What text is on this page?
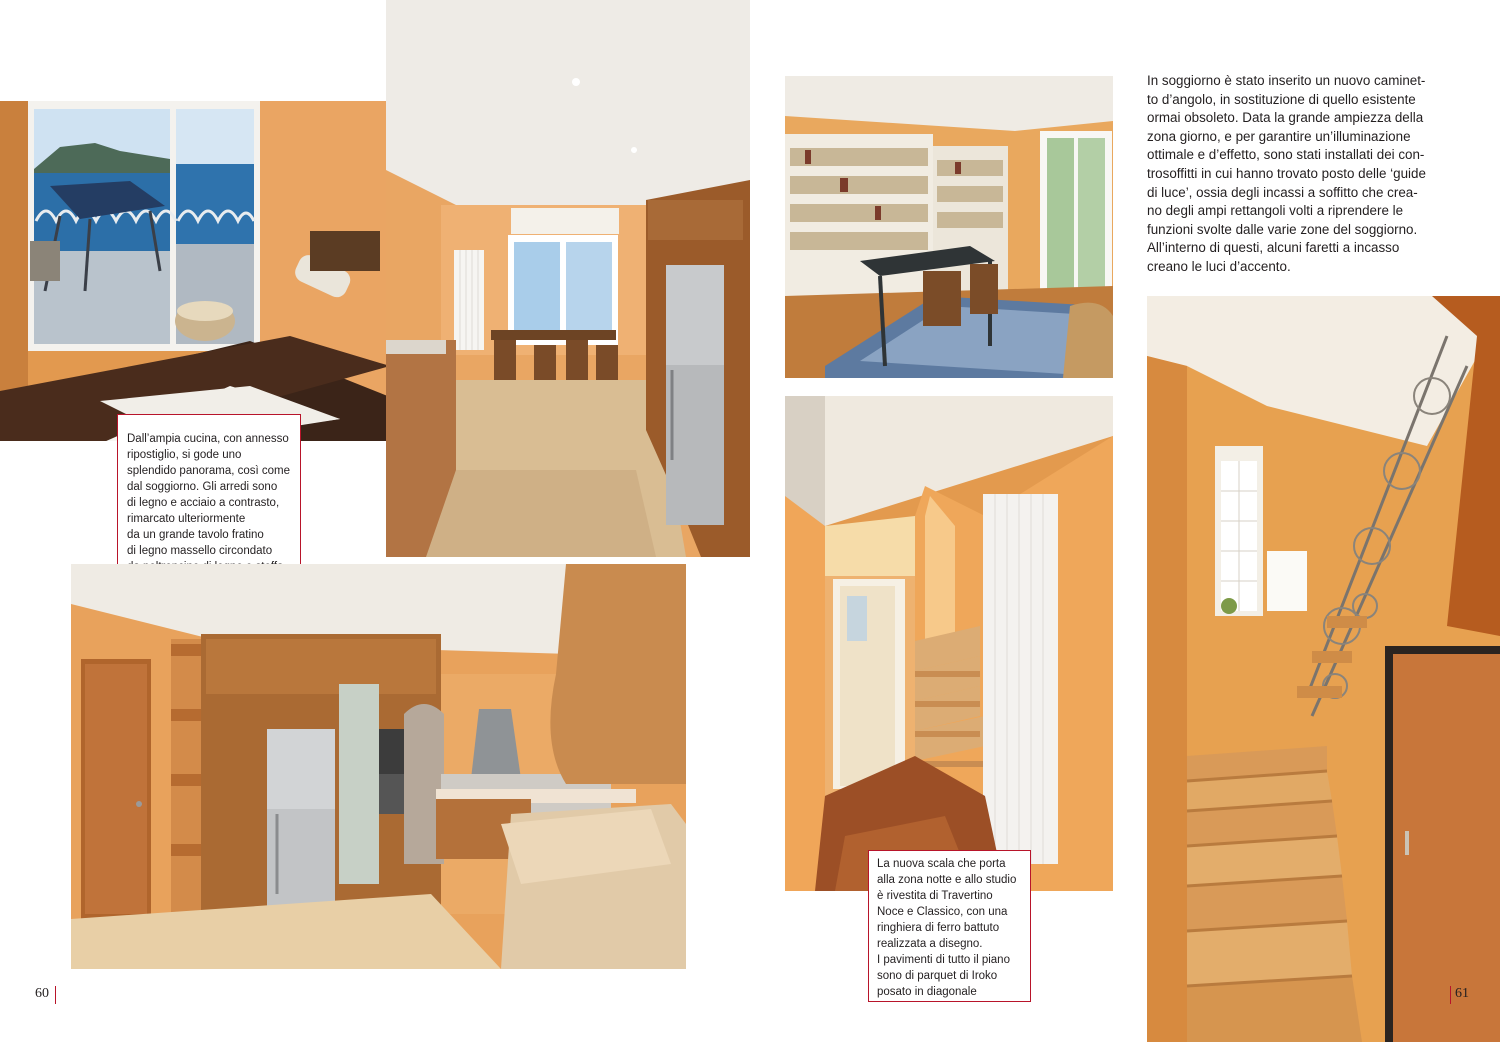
Dall’ampia cucina, con annesso
ripostiglio, si gode uno
splendido panorama, così come
dal soggiorno. Gli arredi sono
di legno e acciaio a contrasto,
rimarcato ulteriormente
da un grande tavolo fratino
di legno massello circondato

60

In soggiorno è stato inserito un nuovo caminet-
to d’angolo, in sostituzione di quello esistente
ormai obsoleto. Data la grande ampiezza della
zona giorno, e per garantire un’illuminazione
ottimale e d’effetto, sono stati installati dei con-
trosoffitti in cui hanno trovato posto delle ‘guide
di luce’, ossia degli incassi a soffitto che crea-
no degli ampi rettangoli volti a riprendere le
funzioni svolte dalle varie zone del soggiorno.
All’interno di questi, alcuni faretti a incasso
creano le luci d’accento.

La nuova scala che porta
alla zona notte e allo studio
è rivestita di Travertino
Noce e Classico, con una
ringhiera di ferro battuto
realizzata a disegno.
I pavimenti di tutto il piano
sono di parquet di Iroko
posato in diagonale	61
